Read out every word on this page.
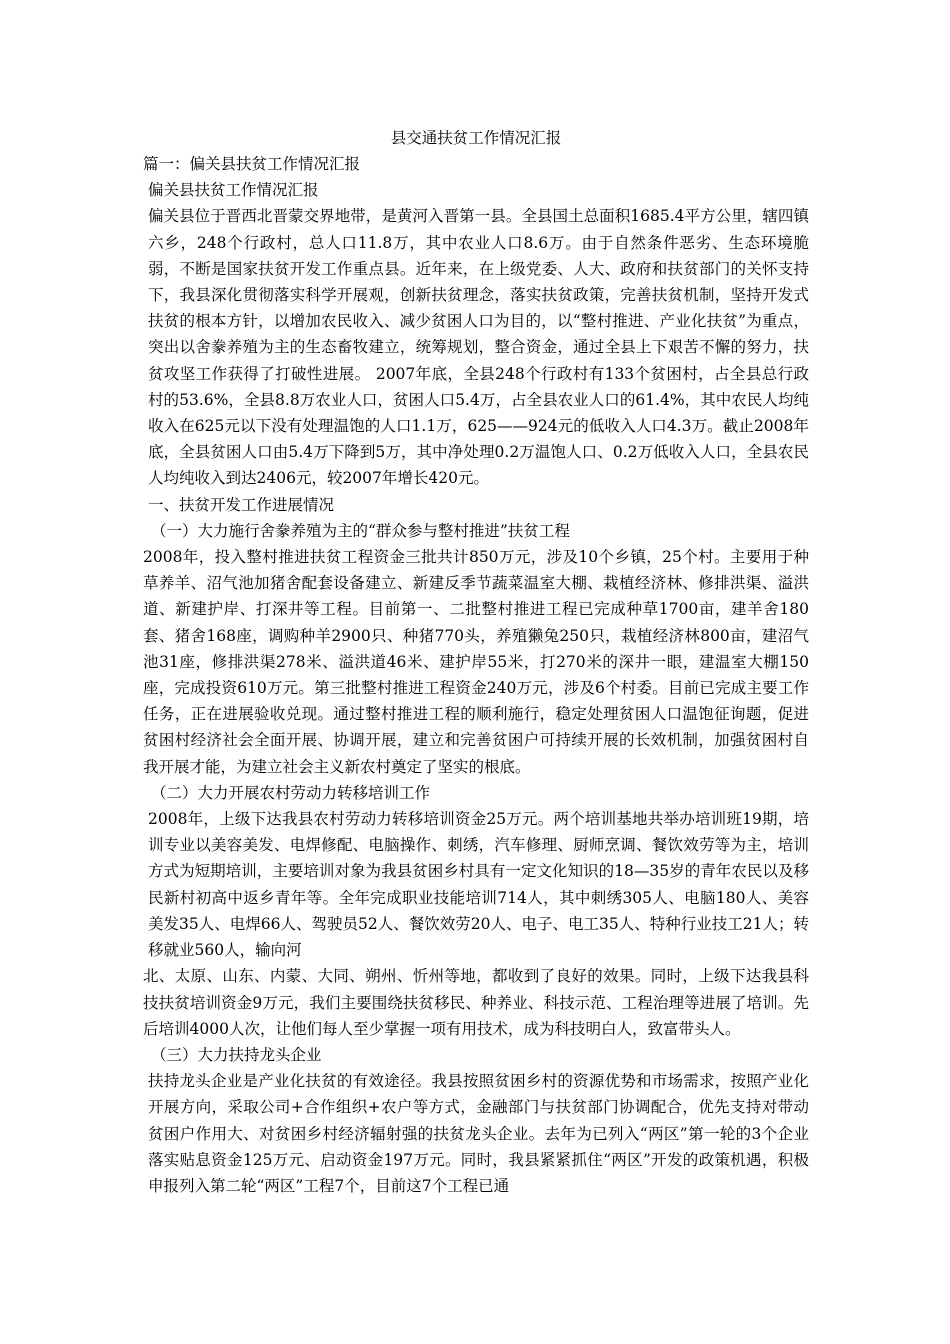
县交通扶贫工作情况汇报

篇一：偏关县扶贫工作情况汇报

偏关县扶贫工作情况汇报

偏关县位于晋西北晋蒙交界地带，是黄河入晋第一县。全县国土总面积1685.4平方公里，辖四镇六乡，248个行政村，总人口11.8万，其中农业人口8.6万。由于自然条件恶劣、生态环境脆弱，不断是国家扶贫开发工作重点县。近年来，在上级党委、人大、政府和扶贫部门的关怀支持下，我县深化贯彻落实科学开展观，创新扶贫理念，落实扶贫政策，完善扶贫机制，坚持开发式扶贫的根本方针，以增加农民收入、减少贫困人口为目的，以“整村推进、产业化扶贫”为重点，突出以舍豢养殖为主的生态畜牧建立，统筹规划，整合资金，通过全县上下艰苦不懈的努力，扶贫攻坚工作获得了打破性进展。 2007年底，全县248个行政村有133个贫困村，占全县总行政村的53.6%，全县8.8万农业人口，贫困人口5.4万，占全县农业人口的61.4%，其中农民人均纯收入在625元以下没有处理温饱的人口1.1万，625——924元的低收入人口4.3万。截止2008年底，全县贫困人口由5.4万下降到5万，其中净处理0.2万温饱人口、0.2万低收入人口，全县农民人均纯收入到达2406元，较2007年增长420元。

一、扶贫开发工作进展情况

（一）大力施行舍豢养殖为主的“群众参与整村推进”扶贫工程

2008年，投入整村推进扶贫工程资金三批共计850万元，涉及10个乡镇，25个村。主要用于种草养羊、沼气池加猪舍配套设备建立、新建反季节蔬菜温室大棚、栽植经济林、修排洪渠、溢洪道、新建护岸、打深井等工程。目前第一、二批整村推进工程已完成种草1700亩，建羊舍180套、猪舍168座，调购种羊2900只、种猪770头，养殖獭兔250只，栽植经济林800亩，建沼气池31座，修排洪渠278米、溢洪道46米、建护岸55米，打270米的深井一眼，建温室大棚150座，完成投资610万元。第三批整村推进工程资金240万元，涉及6个村委。目前已完成主要工作任务，正在进展验收兑现。通过整村推进工程的顺利施行，稳定处理贫困人口温饱征询题，促进贫困村经济社会全面开展、协调开展，建立和完善贫困户可持续开展的长效机制，加强贫困村自我开展才能，为建立社会主义新农村奠定了坚实的根底。

（二）大力开展农村劳动力转移培训工作

2008年，上级下达我县农村劳动力转移培训资金25万元。两个培训基地共举办培训班19期，培训专业以美容美发、电焊修配、电脑操作、刺绣，汽车修理、厨师烹调、餐饮效劳等为主，培训方式为短期培训，主要培训对象为我县贫困乡村具有一定文化知识的18—35岁的青年农民以及移民新村初高中返乡青年等。全年完成职业技能培训714人，其中刺绣305人、电脑180人、美容美发35人、电焊66人、驾驶员52人、餐饮效劳20人、电子、电工35人、特种行业技工21人；转移就业560人，输向河

北、太原、山东、内蒙、大同、朔州、忻州等地，都收到了良好的效果。同时，上级下达我县科技扶贫培训资金9万元，我们主要围绕扶贫移民、种养业、科技示范、工程治理等进展了培训。先后培训4000人次，让他们每人至少掌握一项有用技术，成为科技明白人，致富带头人。

（三）大力扶持龙头企业

扶持龙头企业是产业化扶贫的有效途径。我县按照贫困乡村的资源优势和市场需求，按照产业化开展方向，采取公司+合作组织+农户等方式，金融部门与扶贫部门协调配合，优先支持对带动贫困户作用大、对贫困乡村经济辐射强的扶贫龙头企业。去年为已列入“两区”第一轮的3个企业落实贴息资金125万元、启动资金197万元。同时，我县紧紧抓住“两区”开发的政策机遇，积极申报列入第二轮“两区”工程7个，目前这7个工程已通
